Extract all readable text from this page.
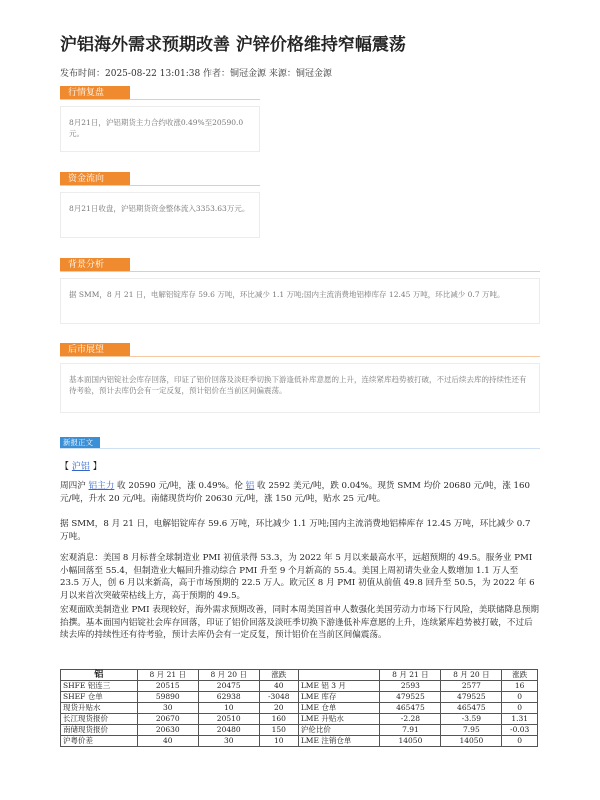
沪铝海外需求预期改善 沪锌价格维持窄幅震荡
发布时间：2025-08-22 13:01:38 作者：铜冠金源 来源：铜冠金源
行情复盘
8月21日，沪铝期货主力合约收涨0.49%至20590.0元。
资金流向
8月21日收盘，沪铝期货资金整体流入3353.63万元。
背景分析
据 SMM，8 月 21 日，电解铝锭库存 59.6 万吨，环比减少 1.1 万吨;国内主流消费地铝棒库存 12.45 万吨，环比减少 0.7 万吨。
后市展望
基本面国内铝锭社会库存回落，印证了铝价回落及淡旺季切换下游逢低补库意愿的上升，连续紧库趋势被打破，不过后续去库的持续性还有待考验，预计去库仍会有一定反复，预计铝价在当前区间偏震荡。
新报正文
【 沪铝 】
周四沪 铝主力 收 20590 元/吨，涨 0.49%。伦 铝 收 2592 美元/吨，跌 0.04%。现货 SMM 均价 20680 元/吨，涨 160 元/吨，升水 20 元/吨。南储现货均价 20630 元/吨，涨 150 元/吨，贴水 25 元/吨。
据 SMM，8 月 21 日，电解铝锭库存 59.6 万吨，环比减少 1.1 万吨;国内主流消费地铝棒库存 12.45 万吨，环比减少 0.7 万吨。
宏观消息：美国 8 月标普全球制造业 PMI 初值录得 53.3，为 2022 年 5 月以来最高水平，远超预期的 49.5。服务业 PMI 小幅回落至 55.4，但制造业大幅回升推动综合 PMI 升至 9 个月新高的 55.4。美国上周初请失业金人数增加 1.1 万人至 23.5 万人，创 6 月以来新高，高于市场预期的 22.5 万人。欧元区 8 月 PMI 初值从前值 49.8 回升至 50.5，为 2022 年 6 月以来首次突破荣枯线上方，高于预期的 49.5。
宏观面欧美制造业 PMI 表现较好，海外需求预期改善，同时本周美国首申人数强化美国劳动力市场下行风险，美联储降息预期抬撰。基本面国内铝锭社会库存回落，印证了铝价回落及淡旺季切换下游逢低补库意愿的上升，连续紧库趋势被打破，不过后续去库的持续性还有待考验，预计去库仍会有一定反复，预计铝价在当前区间偏震荡。
铝	8 月 21 日	8 月 20 日	涨跌		8 月 21 日	8 月 20 日	涨跌
SHFE 铝连三	20515	20475	40	LME 铝 3 月	2593	2577	16
SHEF 仓单	59890	62938	-3048	LME 库存	479525	479525	0
现货升贴水	30	10	20	LME 仓单	465475	465475	0
长江现货报价	20670	20510	160	LME 升贴水	-2.28	-3.59	1.31
南储现货报价	20630	20480	150	沪伦比价	7.91	7.95	-0.03
沪粤价差	40	30	10	LME 注销仓单	14050	14050	0
